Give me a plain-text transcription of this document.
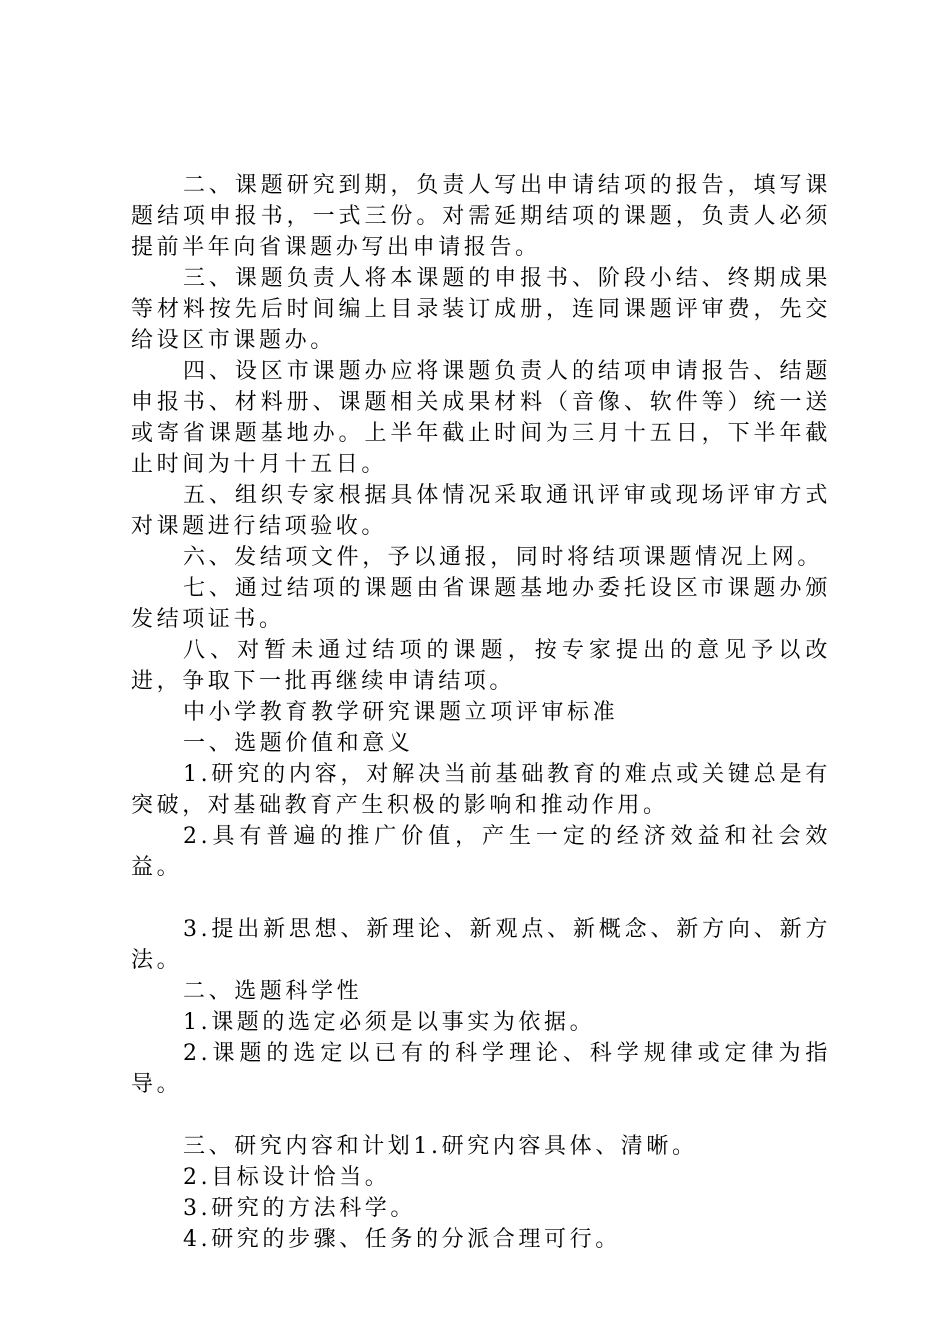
二、课题研究到期，负责人写出申请结项的报告，填写课题结项申报书，一式三份。对需延期结项的课题，负责人必须提前半年向省课题办写出申请报告。

三、课题负责人将本课题的申报书、阶段小结、终期成果等材料按先后时间编上目录装订成册，连同课题评审费，先交给设区市课题办。

四、设区市课题办应将课题负责人的结项申请报告、结题申报书、材料册、课题相关成果材料（音像、软件等）统一送或寄省课题基地办。上半年截止时间为三月十五日，下半年截止时间为十月十五日。

五、组织专家根据具体情况采取通讯评审或现场评审方式对课题进行结项验收。

六、发结项文件，予以通报，同时将结项课题情况上网。

七、通过结项的课题由省课题基地办委托设区市课题办颁发结项证书。

八、对暂未通过结项的课题，按专家提出的意见予以改进，争取下一批再继续申请结项。

中小学教育教学研究课题立项评审标准

一、选题价值和意义

1.研究的内容，对解决当前基础教育的难点或关键总是有突破，对基础教育产生积极的影响和推动作用。

2.具有普遍的推广价值，产生一定的经济效益和社会效益。

3.提出新思想、新理论、新观点、新概念、新方向、新方法。

二、选题科学性

1.课题的选定必须是以事实为依据。

2.课题的选定以已有的科学理论、科学规律或定律为指导。

三、研究内容和计划1.研究内容具体、清晰。

2.目标设计恰当。

3.研究的方法科学。

4.研究的步骤、任务的分派合理可行。
